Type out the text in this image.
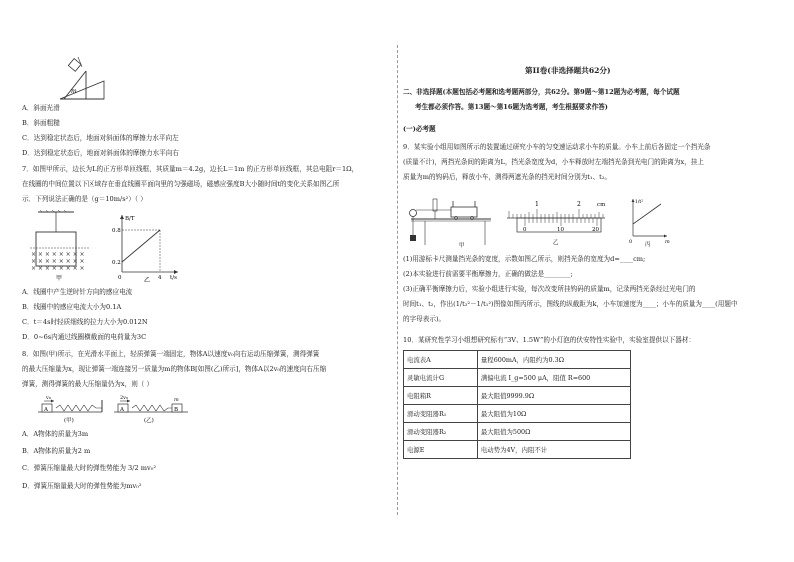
m
A．斜面光滑
B．斜面粗糙
C．达到稳定状态后，地面对斜面体的摩擦力水平向左
D．达到稳定状态后，地面对斜面体的摩擦力水平向右
7．如图甲所示，边长为L的正方形单匝线框，其质量m＝4.2g，边长L＝1m 的正方形单匝线框，其总电阻r＝1Ω，
在线圈的中间位置以下区域存在垂直线圈平面向里的匀强磁场，磁感应强度B大小随时间t的变化关系如图乙所
示．下列说法正确的是（g＝10m/s²）（ ）
× × × × × × × ×
× × × × × × × ×
× × × × × × × ×
甲
B/T
t/s
0.8
0.2
0	4
乙
A．线圈中产生逆时针方向的感应电流
B．线圈中的感应电流大小为0.1A
C．t＝4s时轻质细线的拉力大小为0.012N
D．0~6s内通过线圈横截面的电荷量为3C
8．如图(甲)所示，在光滑水平面上，轻质弹簧一端固定，物体A以速度v₀向右运动压缩弹簧，测得弹簧
的最大压缩量为x，现让弹簧一端连接另一质量为m的物体B[如图(乙)所示]，物体A以2v₀的速度向右压缩
弹簧，测得弹簧的最大压缩量仍为x，则（ ）
A
v₀
(甲)
A	B
2v₀	m
(乙)
A．A物体的质量为3m
B．A物体的质量为2 m
C．弹簧压缩量最大时的弹性势能为 3/2 mv₀²
D．弹簧压缩量最大时的弹性势能为mv₀²
第II卷(非选择题共62分)
二、非选择题(本题包括必考题和选考题两部分，共62分。第9题～第12题为必考题，每个试题
考生都必须作答。第13题～第16题为选考题，考生根据要求作答)
(一)必考题
9．某实验小组用如图所示的装置通过研究小车的匀变速运动求小车的质量。小车上前后各固定一个挡光条
(质量不计)，两挡光条间的距离为L，挡光条宽度为d，小车释放时左端挡光条到光电门的距离为x，挂上
质量为m的钩码后，释放小车，测得两遮光条的挡光时间分别为t₁、t₂。
甲
1	2	cm
0	10	20
乙
1/t²
m
0 丙
(1)用游标卡尺测量挡光条的宽度，示数如图乙所示，则挡光条的宽度为d=____cm;
(2)本实验进行前需要平衡摩擦力，正确的做法是________;
(3)正确平衡摩擦力后，实验小组进行实验，每次改变所挂钩码的质量m，记录两挡光条经过光电门的
时间t₁、t₂，作出(1/t₂²－1/t₁²)图像如图丙所示，图线的纵截距为k，小车加速度为____；小车的质量为____(用题中
的字母表示)。
10．某研究性学习小组想研究标有“3V、1.5W”的小灯泡的伏安特性实验中，实验室提供以下器材：
电流表A	量程600mA，内阻约为0.3Ω
灵敏电流计G	满偏电流 I_g=500 μA，阻值 R=600
电阻箱R	最大阻值9999.9Ω
滑动变阻器R₁	最大阻值为10Ω
滑动变阻器R₂	最大阻值为500Ω
电源E	电动势为4V，内阻不计
